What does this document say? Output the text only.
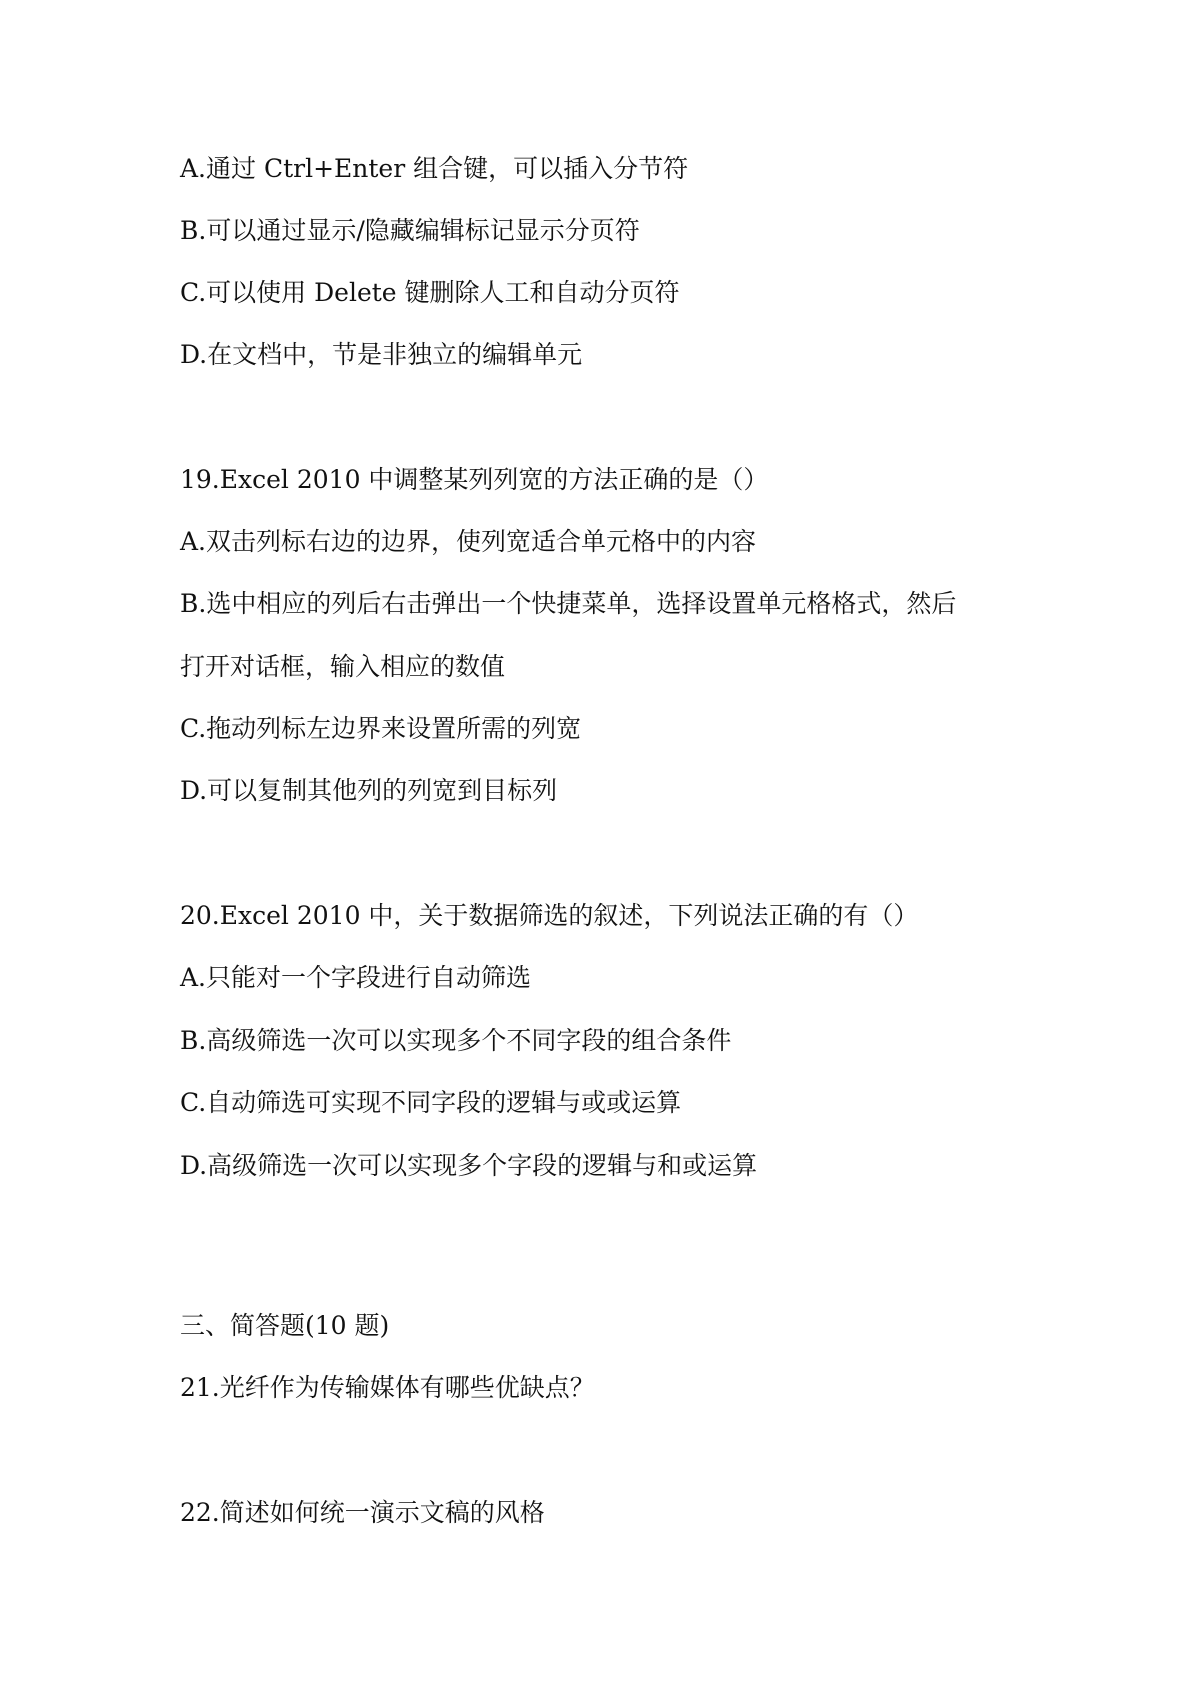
A.通过 Ctrl+Enter 组合键，可以插入分节符
B.可以通过显示/隐藏编辑标记显示分页符
C.可以使用 Delete 键删除人工和自动分页符
D.在文档中，节是非独立的编辑单元
19.Excel 2010 中调整某列列宽的方法正确的是（）
A.双击列标右边的边界，使列宽适合单元格中的内容
B.选中相应的列后右击弹出一个快捷菜单，选择设置单元格格式，然后
打开对话框，输入相应的数值
C.拖动列标左边界来设置所需的列宽
D.可以复制其他列的列宽到目标列
20.Excel 2010 中，关于数据筛选的叙述，下列说法正确的有（）
A.只能对一个字段进行自动筛选
B.高级筛选一次可以实现多个不同字段的组合条件
C.自动筛选可实现不同字段的逻辑与或或运算
D.高级筛选一次可以实现多个字段的逻辑与和或运算
三、简答题(10 题)
21.光纤作为传输媒体有哪些优缺点？
22.简述如何统一演示文稿的风格
